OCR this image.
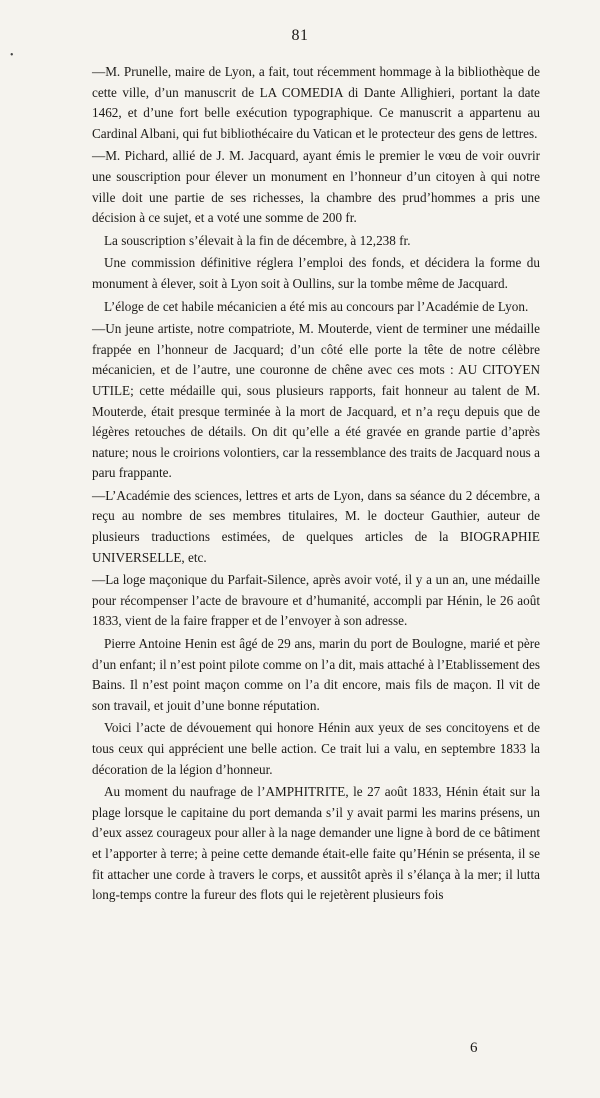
81
•

—M. Prunelle, maire de Lyon, a fait, tout récemment hommage à la bibliothèque de cette ville, d’un manuscrit de LA COMEDIA di Dante Allighieri, portant la date 1462, et d’une fort belle exécution typographique. Ce manuscrit a appartenu au Cardinal Albani, qui fut bibliothécaire du Vatican et le protecteur des gens de lettres.

—M. Pichard, allié de J. M. Jacquard, ayant émis le premier le vœu de voir ouvrir une souscription pour élever un monument en l’honneur d’un citoyen à qui notre ville doit une partie de ses richesses, la chambre des prud’hommes a pris une décision à ce sujet, et a voté une somme de 200 fr.

La souscription s’élevait à la fin de décembre, à 12,238 fr.

Une commission définitive réglera l’emploi des fonds, et décidera la forme du monument à élever, soit à Lyon soit à Oullins, sur la tombe même de Jacquard.

L’éloge de cet habile mécanicien a été mis au concours par l’Académie de Lyon.

—Un jeune artiste, notre compatriote, M. Mouterde, vient de terminer une médaille frappée en l’honneur de Jacquard; d’un côté elle porte la tête de notre célèbre mécanicien, et de l’autre, une couronne de chêne avec ces mots : AU CITOYEN UTILE; cette médaille qui, sous plusieurs rapports, fait honneur au talent de M. Mouterde, était presque terminée à la mort de Jacquard, et n’a reçu depuis que de légères retouches de détails. On dit qu’elle a été gravée en grande partie d’après nature; nous le croirions volontiers, car la ressemblance des traits de Jacquard nous a paru frappante.

—L’Académie des sciences, lettres et arts de Lyon, dans sa séance du 2 décembre, a reçu au nombre de ses membres titulaires, M. le docteur Gauthier, auteur de plusieurs traductions estimées, de quelques articles de la BIOGRAPHIE UNIVERSELLE, etc.

—La loge maçonique du Parfait-Silence, après avoir voté, il y a un an, une médaille pour récompenser l’acte de bravoure et d’humanité, accompli par Hénin, le 26 août 1833, vient de la faire frapper et de l’envoyer à son adresse.

Pierre Antoine Henin est âgé de 29 ans, marin du port de Boulogne, marié et père d’un enfant; il n’est point pilote comme on l’a dit, mais attaché à l’Etablissement des Bains. Il n’est point maçon comme on l’a dit encore, mais fils de maçon. Il vit de son travail, et jouit d’une bonne réputation.

Voici l’acte de dévouement qui honore Hénin aux yeux de ses concitoyens et de tous ceux qui apprécient une belle action. Ce trait lui a valu, en septembre 1833 la décoration de la légion d’honneur.

Au moment du naufrage de l’AMPHITRITE, le 27 août 1833, Hénin était sur la plage lorsque le capitaine du port demanda s’il y avait parmi les marins présens, un d’eux assez courageux pour aller à la nage demander une ligne à bord de ce bâtiment et l’apporter à terre; à peine cette demande était-elle faite qu’Hénin se présenta, il se fit attacher une corde à travers le corps, et aussitôt après il s’élança à la mer; il lutta long-temps contre la fureur des flots qui le rejetèrent plusieurs fois

6
